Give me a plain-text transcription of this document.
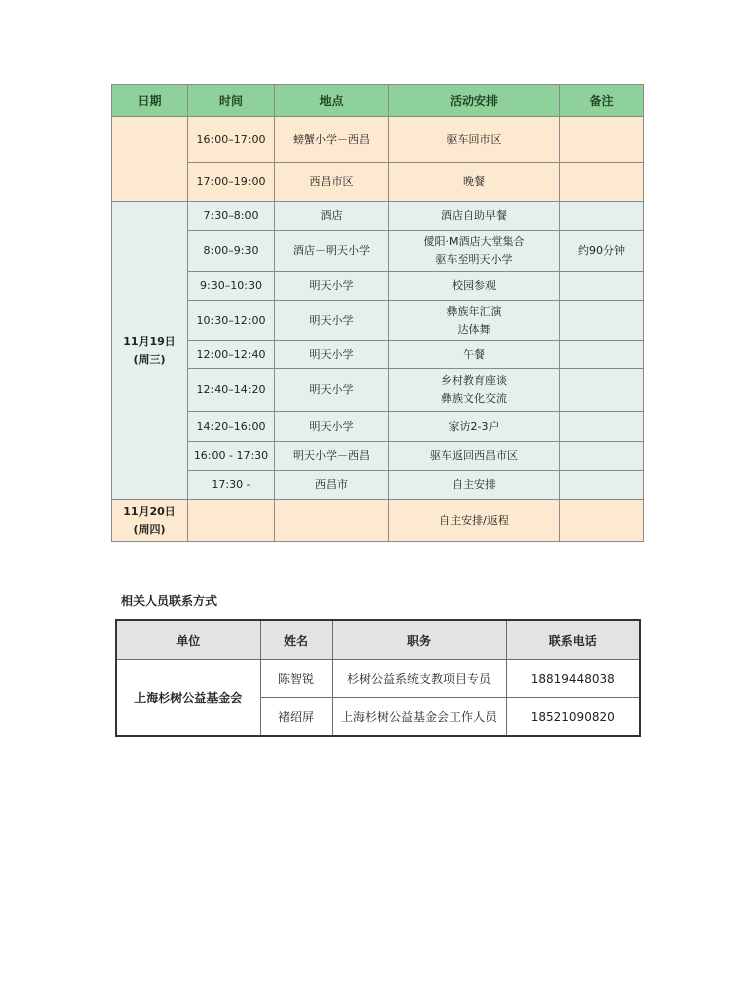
日期	时间	地点	活动安排	备注
	16:00–17:00	螃蟹小学－西昌	驱车回市区	
	17:00–19:00	西昌市区	晚餐	

11月19日
(周三)	7:30–8:00	酒店	酒店自助早餐	
	8:00–9:30	酒店－明天小学	僾阳·M酒店大堂集合
驱车至明天小学	约90分钟
	9:30–10:30	明天小学	校园参观	
	10:30–12:00	明天小学	彝族年汇演
达体舞	

	12:00–12:40	明天小学	午餐	
	12:40–14:20	明天小学	乡村教育座谈
彝族文化交流	

	14:20–16:00	明天小学	家访2-3户	
	16:00 - 17:30	明天小学－西昌	驱车返回西昌市区	
	17:30 -	西昌市	自主安排	

11月20日
(周四)			自主安排/返程	
相关人员联系方式
单位	姓名	职务	联系电话
上海杉树公益基金会	陈智锐	杉树公益系统支教项目专员	18819448038
	褚绍屏	上海杉树公益基金会工作人员	18521090820
